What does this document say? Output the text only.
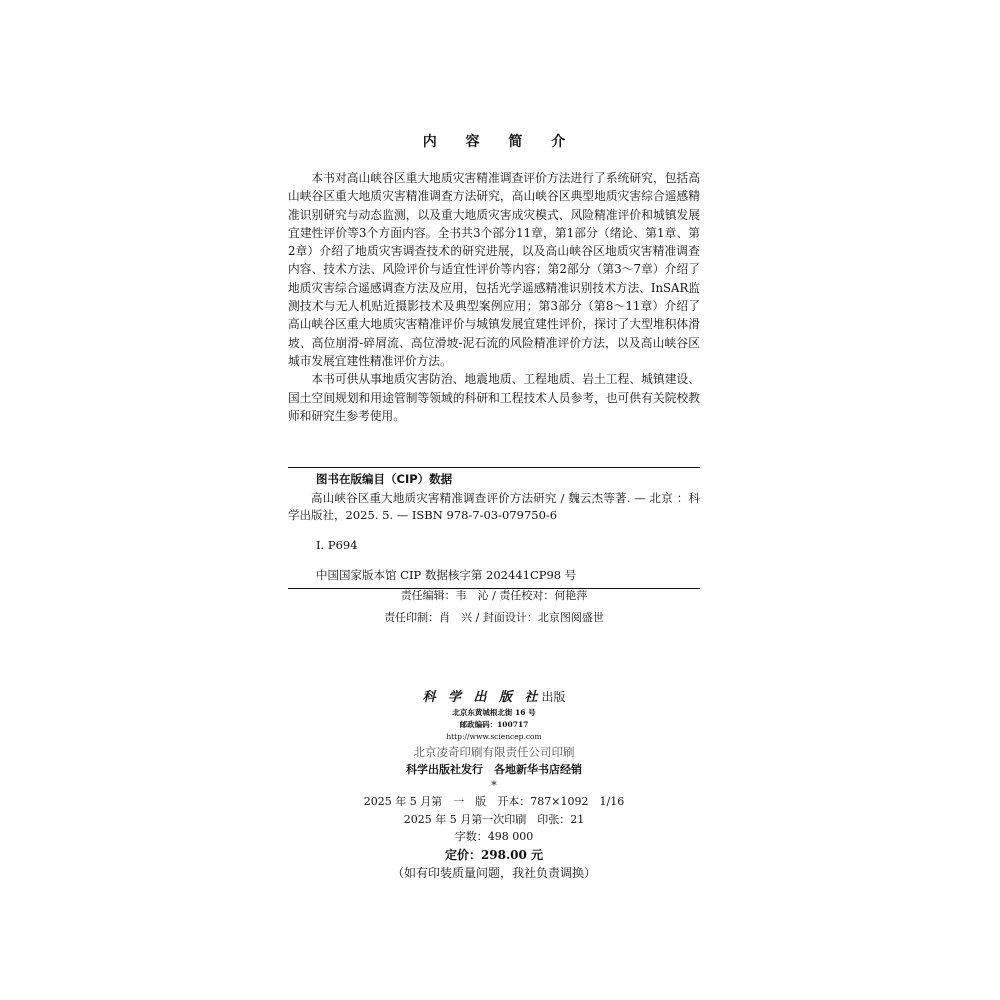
内 容 简 介

本书对高山峡谷区重大地质灾害精准调查评价方法进行了系统研究，包括高山峡谷区重大地质灾害精准调查方法研究，高山峡谷区典型地质灾害综合遥感精准识别研究与动态监测，以及重大地质灾害成灾模式、风险精准评价和城镇发展宜建性评价等3个方面内容。全书共3个部分11章，第1部分（绪论、第1章、第2章）介绍了地质灾害调查技术的研究进展，以及高山峡谷区地质灾害精准调查内容、技术方法、风险评价与适宜性评价等内容；第2部分（第3～7章）介绍了地质灾害综合遥感调查方法及应用，包括光学遥感精准识别技术方法、InSAR监测技术与无人机贴近摄影技术及典型案例应用；第3部分（第8～11章）介绍了高山峡谷区重大地质灾害精准评价与城镇发展宜建性评价，探讨了大型堆积体滑坡、高位崩滑-碎屑流、高位滑坡-泥石流的风险精准评价方法，以及高山峡谷区城市发展宜建性精准评价方法。

本书可供从事地质灾害防治、地震地质、工程地质、岩土工程、城镇建设、国土空间规划和用途管制等领域的科研和工程技术人员参考，也可供有关院校教师和研究生参考使用。

图书在版编目（CIP）数据
高山峡谷区重大地质灾害精准调查评价方法研究 / 魏云杰等著. — 北京 ：科学出版社，2025. 5. — ISBN 978-7-03-079750-6
Ⅰ. P694
中国国家版本馆 CIP 数据核字第 202441CP98 号
责任编辑：韦　沁 / 责任校对：何艳萍
责任印制：肖　兴 / 封面设计：北京图阅盛世
科 学 出 版 社出版
北京东黄城根北街 16 号
邮政编码：100717
http://www.sciencep.com
北京凌奇印刷有限责任公司印刷
科学出版社发行　各地新华书店经销
*
2025 年 5 月第　一　版　开本：787×1092　1/16
2025 年 5 月第一次印刷　印张：21
字数：498 000
定价：298.00 元
（如有印装质量问题，我社负责调换）
